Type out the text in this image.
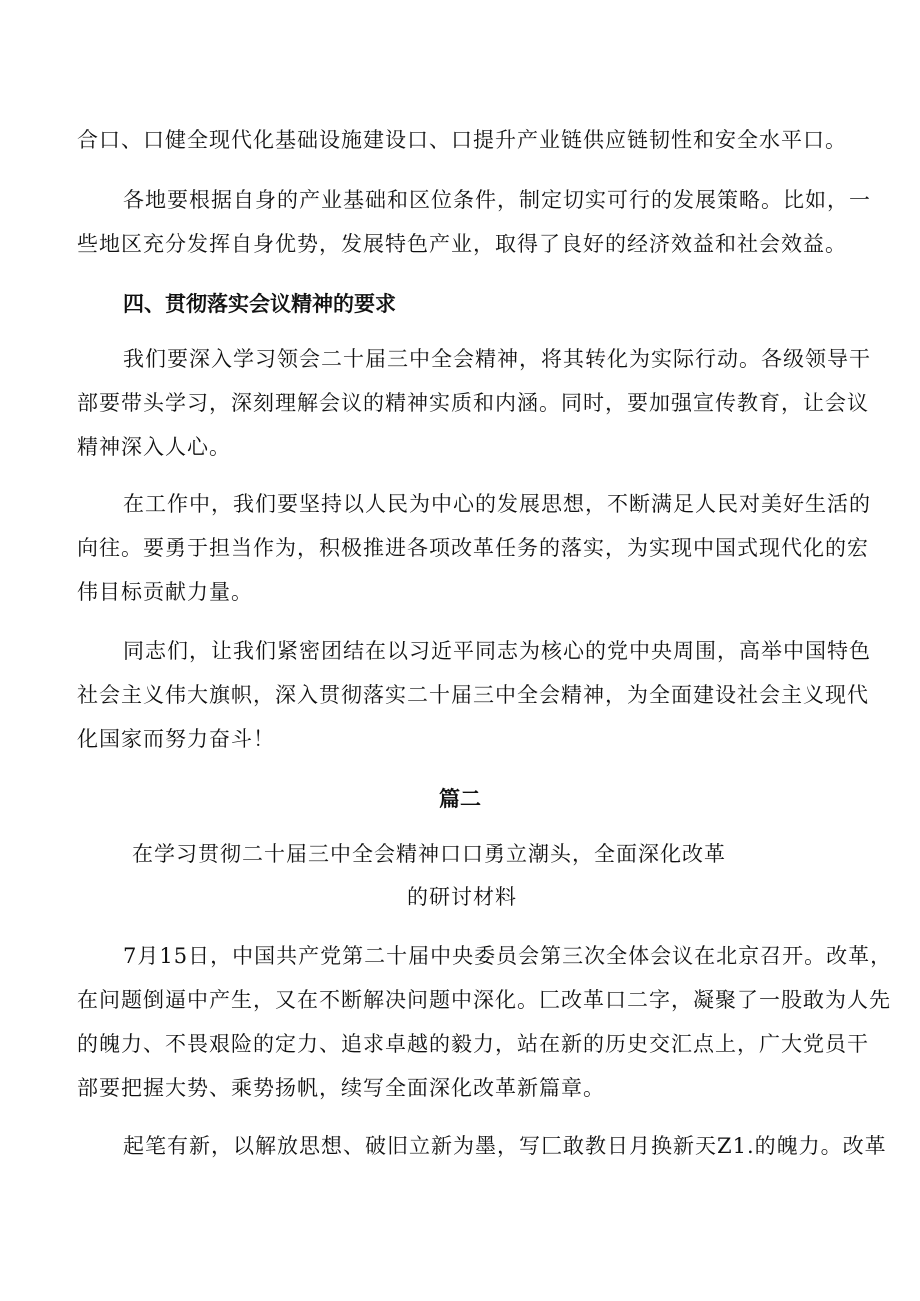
合口、口健全现代化基础设施建设口、口提升产业链供应链韧性和安全水平口。
各地要根据自身的产业基础和区位条件，制定切实可行的发展策略。比如，一
些地区充分发挥自身优势，发展特色产业，取得了良好的经济效益和社会效益。
四、贯彻落实会议精神的要求
我们要深入学习领会二十届三中全会精神，将其转化为实际行动。各级领导干
部要带头学习，深刻理解会议的精神实质和内涵。同时，要加强宣传教育，让会议
精神深入人心。
在工作中，我们要坚持以人民为中心的发展思想，不断满足人民对美好生活的
向往。要勇于担当作为，积极推进各项改革任务的落实，为实现中国式现代化的宏
伟目标贡献力量。
同志们，让我们紧密团结在以习近平同志为核心的党中央周围，高举中国特色
社会主义伟大旗帜，深入贯彻落实二十届三中全会精神，为全面建设社会主义现代
化国家而努力奋斗！
篇二
在学习贯彻二十届三中全会精神口口勇立潮头，全面深化改革
的研讨材料
7月15日，中国共产党第二十届中央委员会第三次全体会议在北京召开。改革，
在问题倒逼中产生，又在不断解决问题中深化。匚改革口二字，凝聚了一股敢为人先
的魄力、不畏艰险的定力、追求卓越的毅力，站在新的历史交汇点上，广大党员干
部要把握大势、乘势扬帆，续写全面深化改革新篇章。
起笔有新，以解放思想、破旧立新为墨，写匚敢教日月换新天Z1.的魄力。改革
